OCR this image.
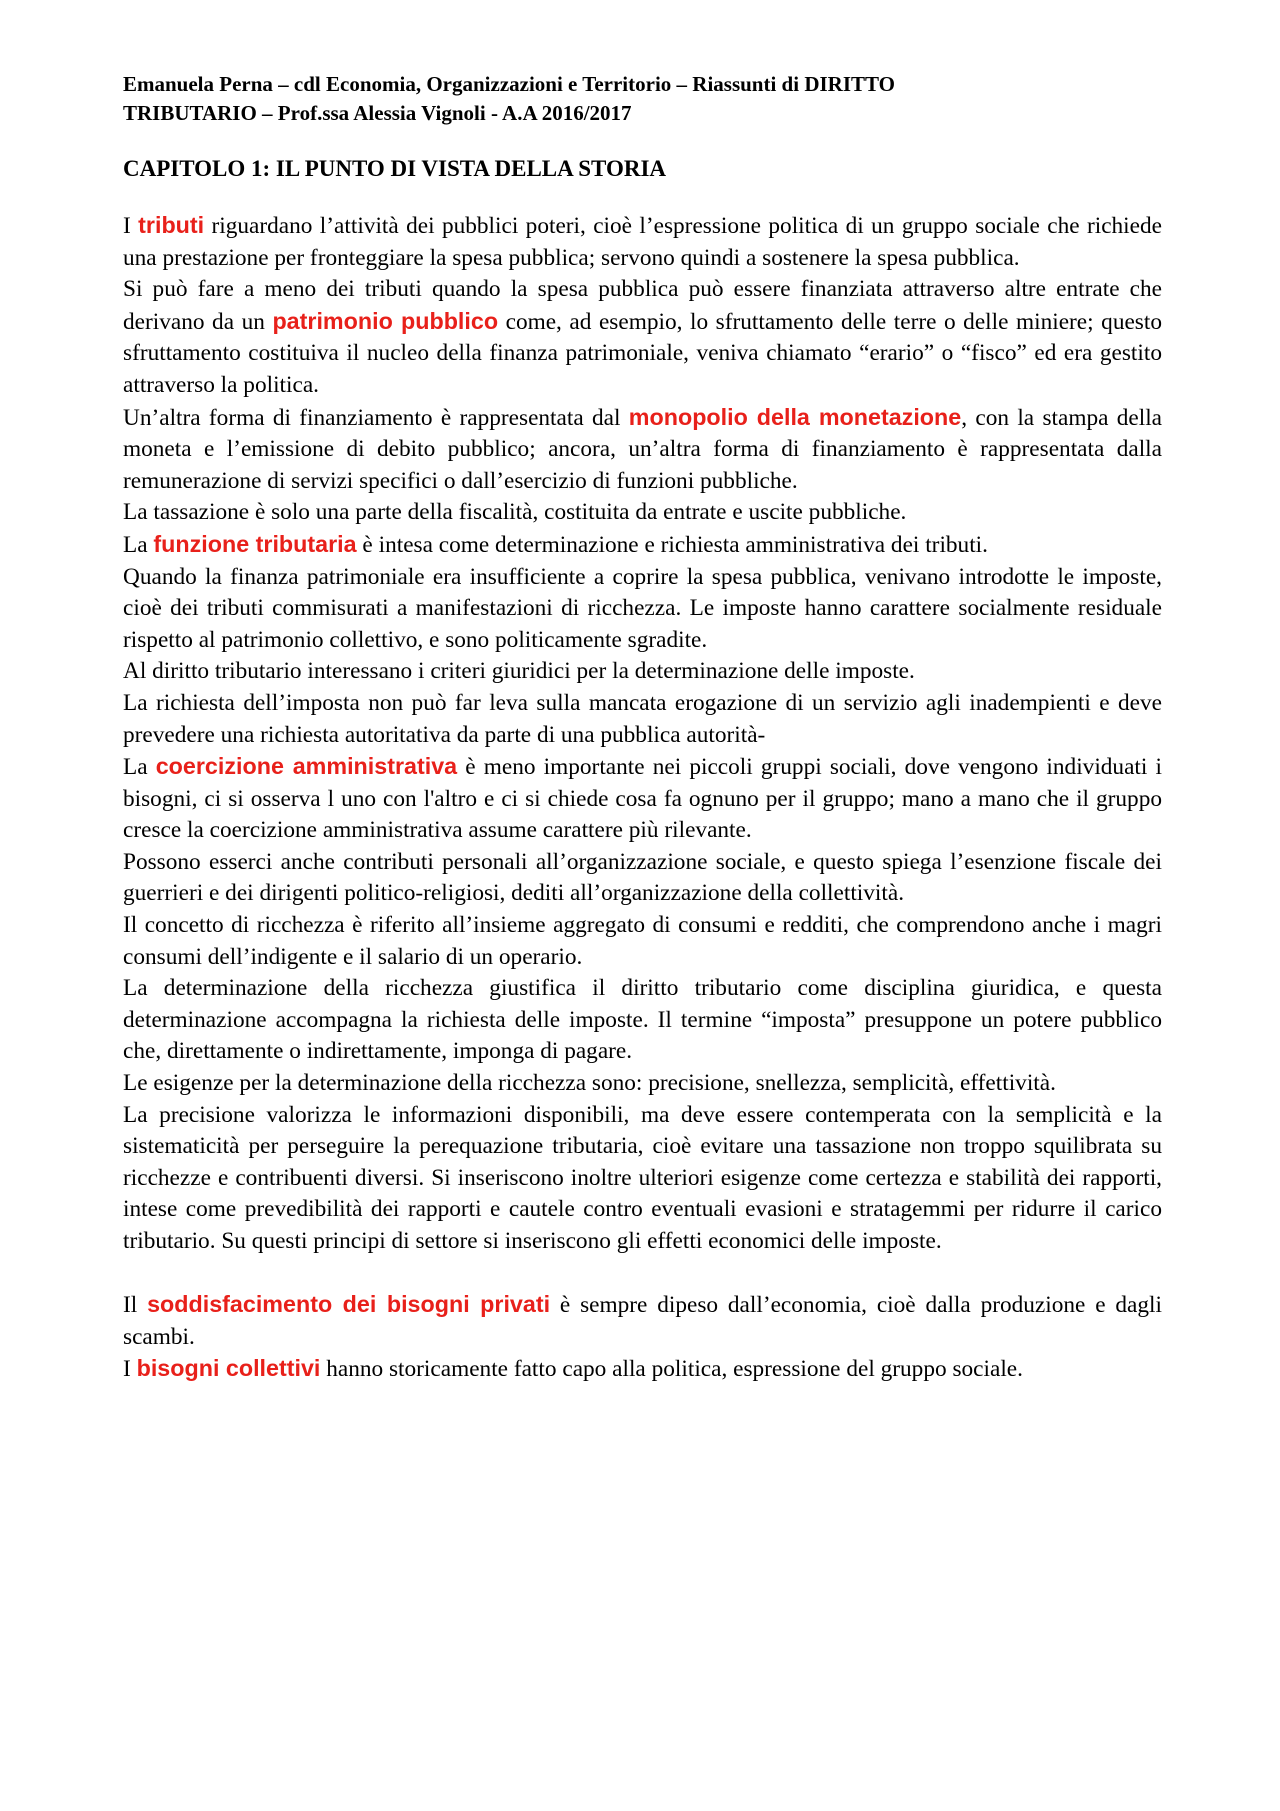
Emanuela Perna – cdl Economia, Organizzazioni e Territorio – Riassunti di DIRITTO
TRIBUTARIO – Prof.ssa Alessia Vignoli - A.A 2016/2017

CAPITOLO 1: IL PUNTO DI VISTA DELLA STORIA

I tributi riguardano l’attività dei pubblici poteri, cioè l’espressione politica di un gruppo sociale che richiede una prestazione per fronteggiare la spesa pubblica; servono quindi a sostenere la spesa pubblica.

Si può fare a meno dei tributi quando la spesa pubblica può essere finanziata attraverso altre entrate che derivano da un patrimonio pubblico come, ad esempio, lo sfruttamento delle terre o delle miniere; questo sfruttamento costituiva il nucleo della finanza patrimoniale, veniva chiamato “erario” o “fisco” ed era gestito attraverso la politica.

Un’altra forma di finanziamento è rappresentata dal monopolio della monetazione, con la stampa della moneta e l’emissione di debito pubblico; ancora, un’altra forma di finanziamento è rappresentata dalla remunerazione di servizi specifici o dall’esercizio di funzioni pubbliche.

La tassazione è solo una parte della fiscalità, costituita da entrate e uscite pubbliche.

La funzione tributaria è intesa come determinazione e richiesta amministrativa dei tributi.

Quando la finanza patrimoniale era insufficiente a coprire la spesa pubblica, venivano introdotte le imposte, cioè dei tributi commisurati a manifestazioni di ricchezza. Le imposte hanno carattere socialmente residuale rispetto al patrimonio collettivo, e sono politicamente sgradite.

Al diritto tributario interessano i criteri giuridici per la determinazione delle imposte.

La richiesta dell’imposta non può far leva sulla mancata erogazione di un servizio agli inadempienti e deve prevedere una richiesta autoritativa da parte di una pubblica autorità-

La coercizione amministrativa è meno importante nei piccoli gruppi sociali, dove vengono individuati i bisogni, ci si osserva l uno con l'altro e ci si chiede cosa fa ognuno per il gruppo; mano a mano che il gruppo cresce la coercizione amministrativa assume carattere più rilevante.

Possono esserci anche contributi personali all’organizzazione sociale, e questo spiega l’esenzione fiscale dei guerrieri e dei dirigenti politico-religiosi, dediti all’organizzazione della collettività.

Il concetto di ricchezza è riferito all’insieme aggregato di consumi e redditi, che comprendono anche i magri consumi dell’indigente e il salario di un operario.

La determinazione della ricchezza giustifica il diritto tributario come disciplina giuridica, e questa determinazione accompagna la richiesta delle imposte. Il termine “imposta” presuppone un potere pubblico che, direttamente o indirettamente, imponga di pagare.

Le esigenze per la determinazione della ricchezza sono: precisione, snellezza, semplicità, effettività.

La precisione valorizza le informazioni disponibili, ma deve essere contemperata con la semplicità e la sistematicità per perseguire la perequazione tributaria, cioè evitare una tassazione non troppo squilibrata su ricchezze e contribuenti diversi. Si inseriscono inoltre ulteriori esigenze come certezza e stabilità dei rapporti, intese come prevedibilità dei rapporti e cautele contro eventuali evasioni e stratagemmi per ridurre il carico tributario. Su questi principi di settore si inseriscono gli effetti economici delle imposte.

Il soddisfacimento dei bisogni privati è sempre dipeso dall’economia, cioè dalla produzione e dagli scambi.

I bisogni collettivi hanno storicamente fatto capo alla politica, espressione del gruppo sociale.
